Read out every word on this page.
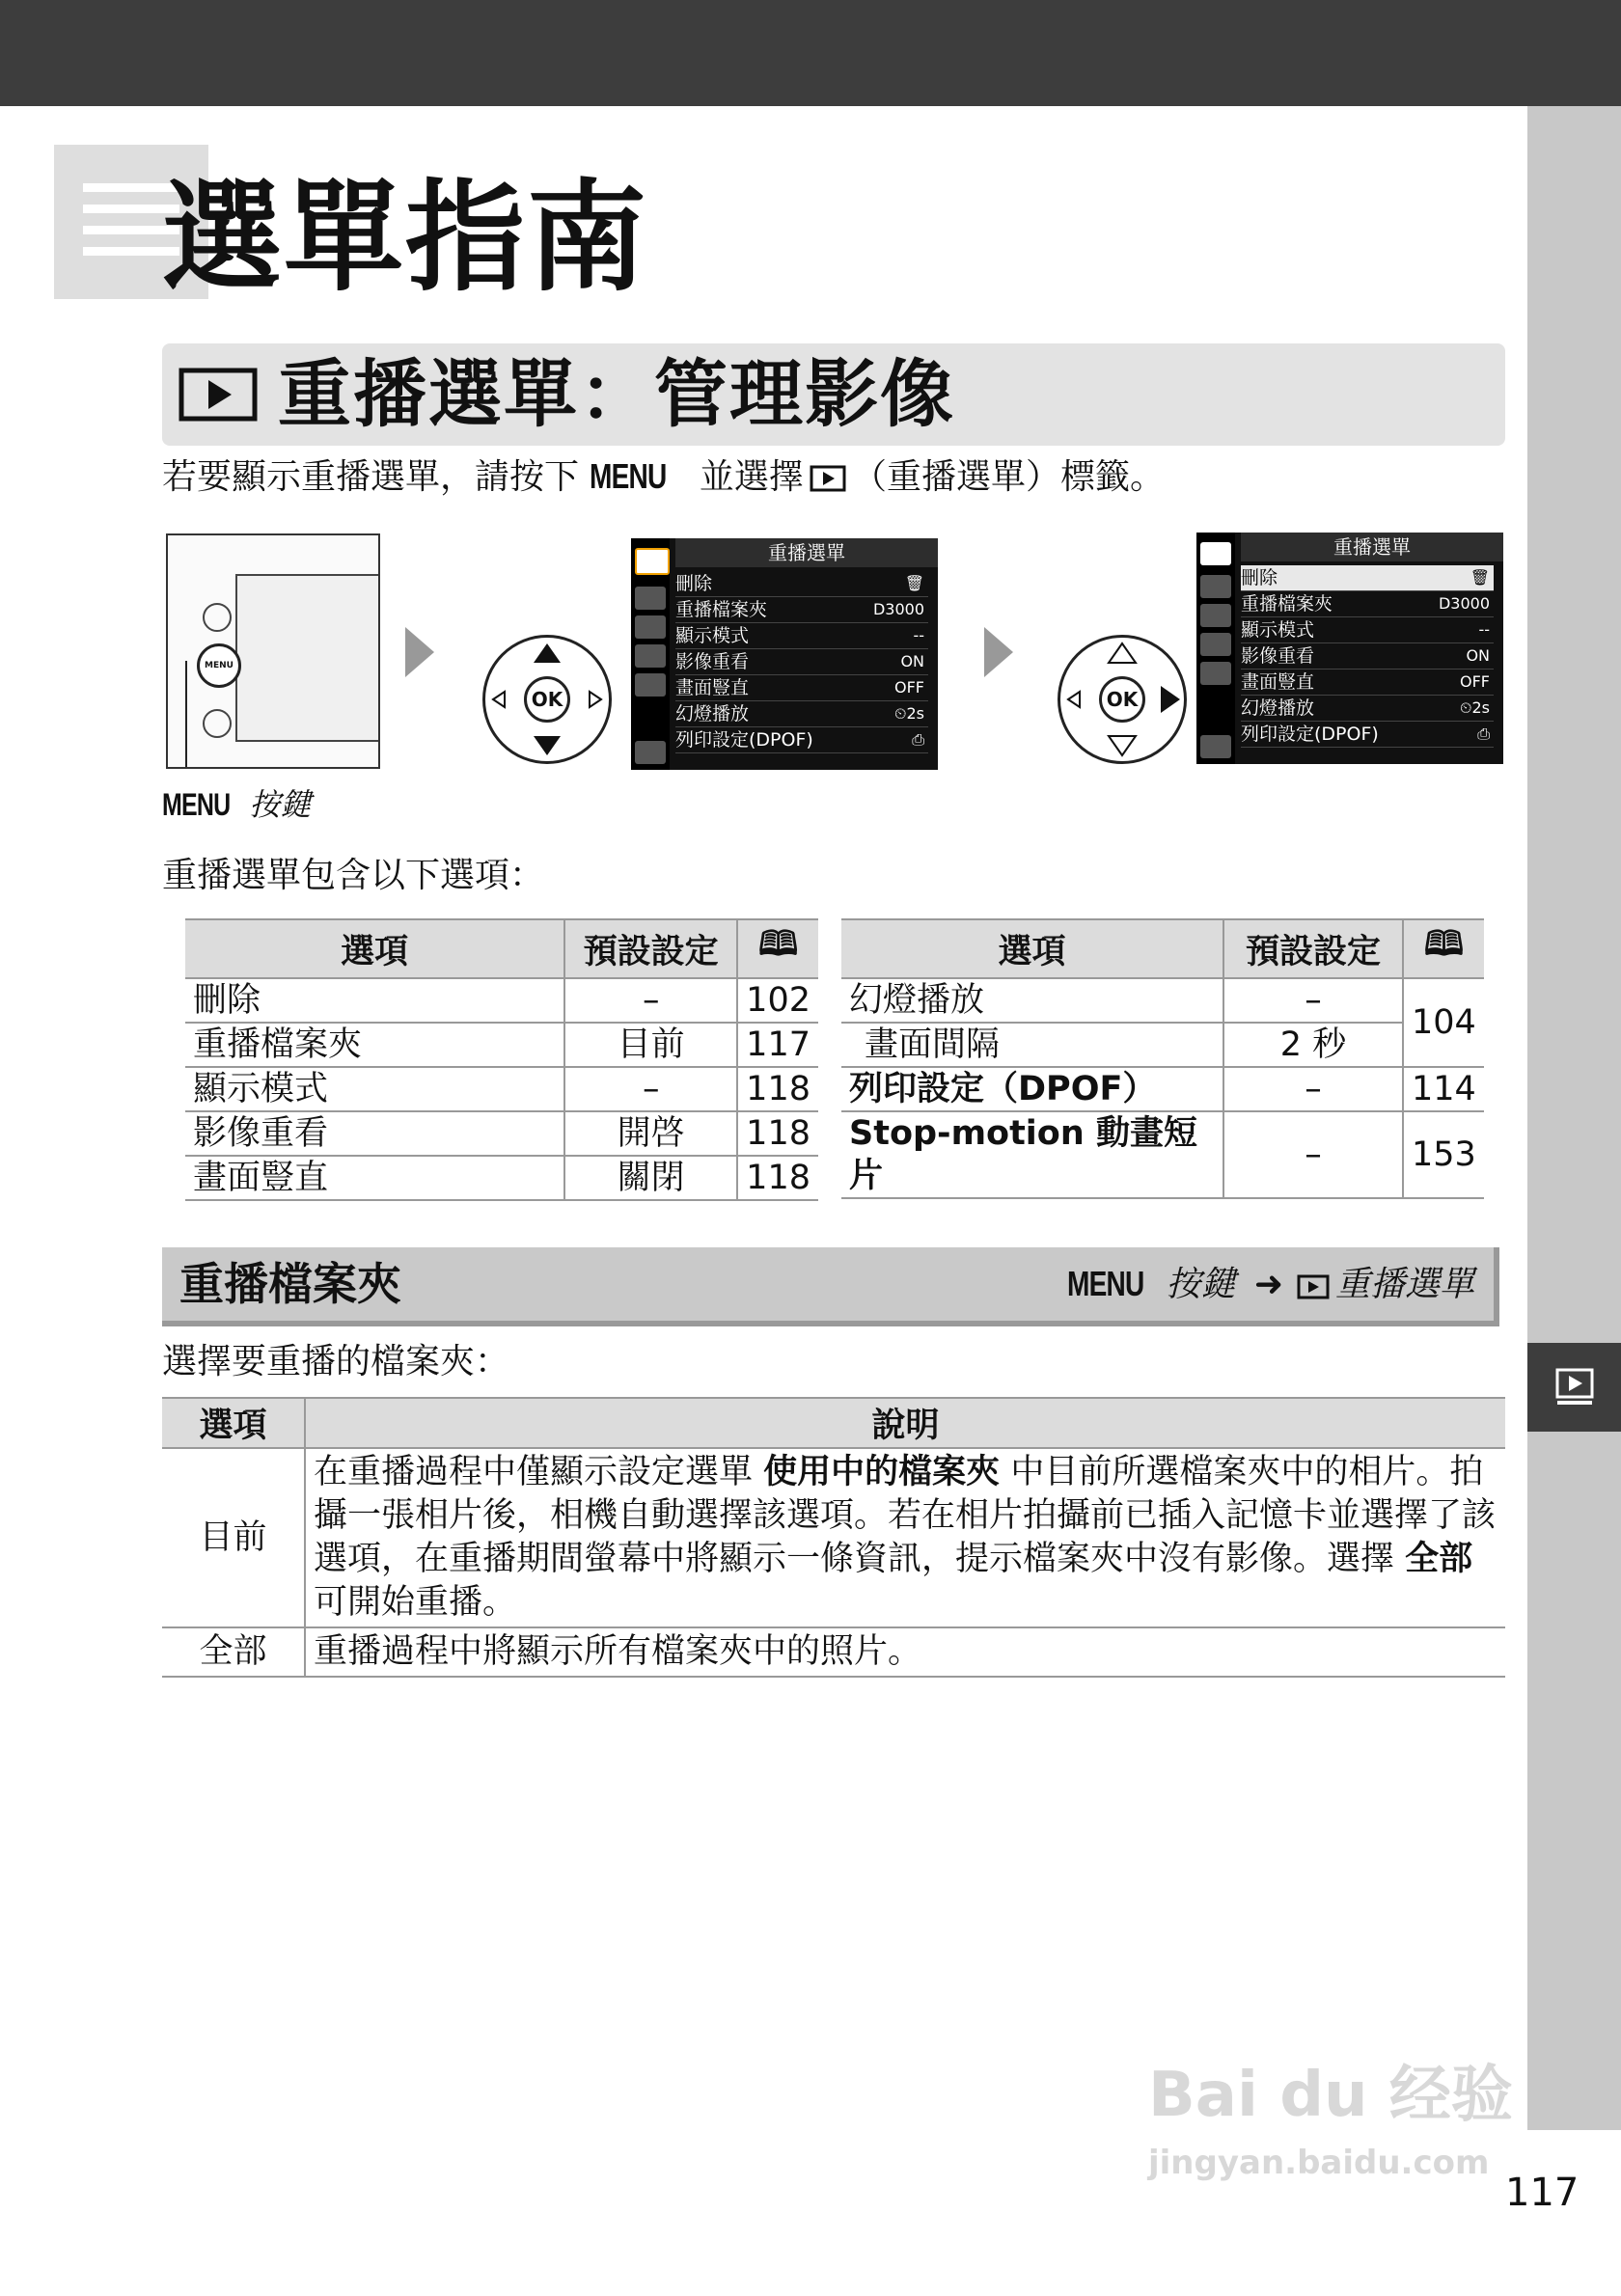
選單指南
重播選單：管理影像
若要顯示重播選單，請按下 MENU 並選擇 （重播選單）標籤。
MENU
MENU 按鍵
OK
重播選單
刪除	🗑
重播檔案夾	D3000
顯示模式	--
影像重看	ON
畫面豎直	OFF
幻燈播放	⏲2s
列印設定(DPOF)	⎙
OK
重播選單
刪除	🗑
重播檔案夾	D3000
顯示模式	--
影像重看	ON
畫面豎直	OFF
幻燈播放	⏲2s
列印設定(DPOF)	⎙
重播選單包含以下選項：
選項	預設設定	🕮
刪除	–	102
重播檔案夾	目前	117
顯示模式	–	118
影像重看	開啓	118
畫面豎直	關閉	118
選項	預設設定	🕮
幻燈播放	–	104
畫面間隔	2 秒	
列印設定（DPOF）	–	114
Stop-motion 動畫短片	–	153
重播檔案夾	MENU 按鍵 ➜ 重播選單
選擇要重播的檔案夾：
選項	說明
目前	在重播過程中僅顯示設定選單 使用中的檔案夾 中目前所選檔案夾中的相片。拍攝一張相片後，相機自動選擇該選項。若在相片拍攝前已插入記憶卡並選擇了該選項，在重播期間螢幕中將顯示一條資訊，提示檔案夾中沒有影像。選擇 全部 可開始重播。
全部	重播過程中將顯示所有檔案夾中的照片。
Bai du 经验
jingyan.baidu.com
117
